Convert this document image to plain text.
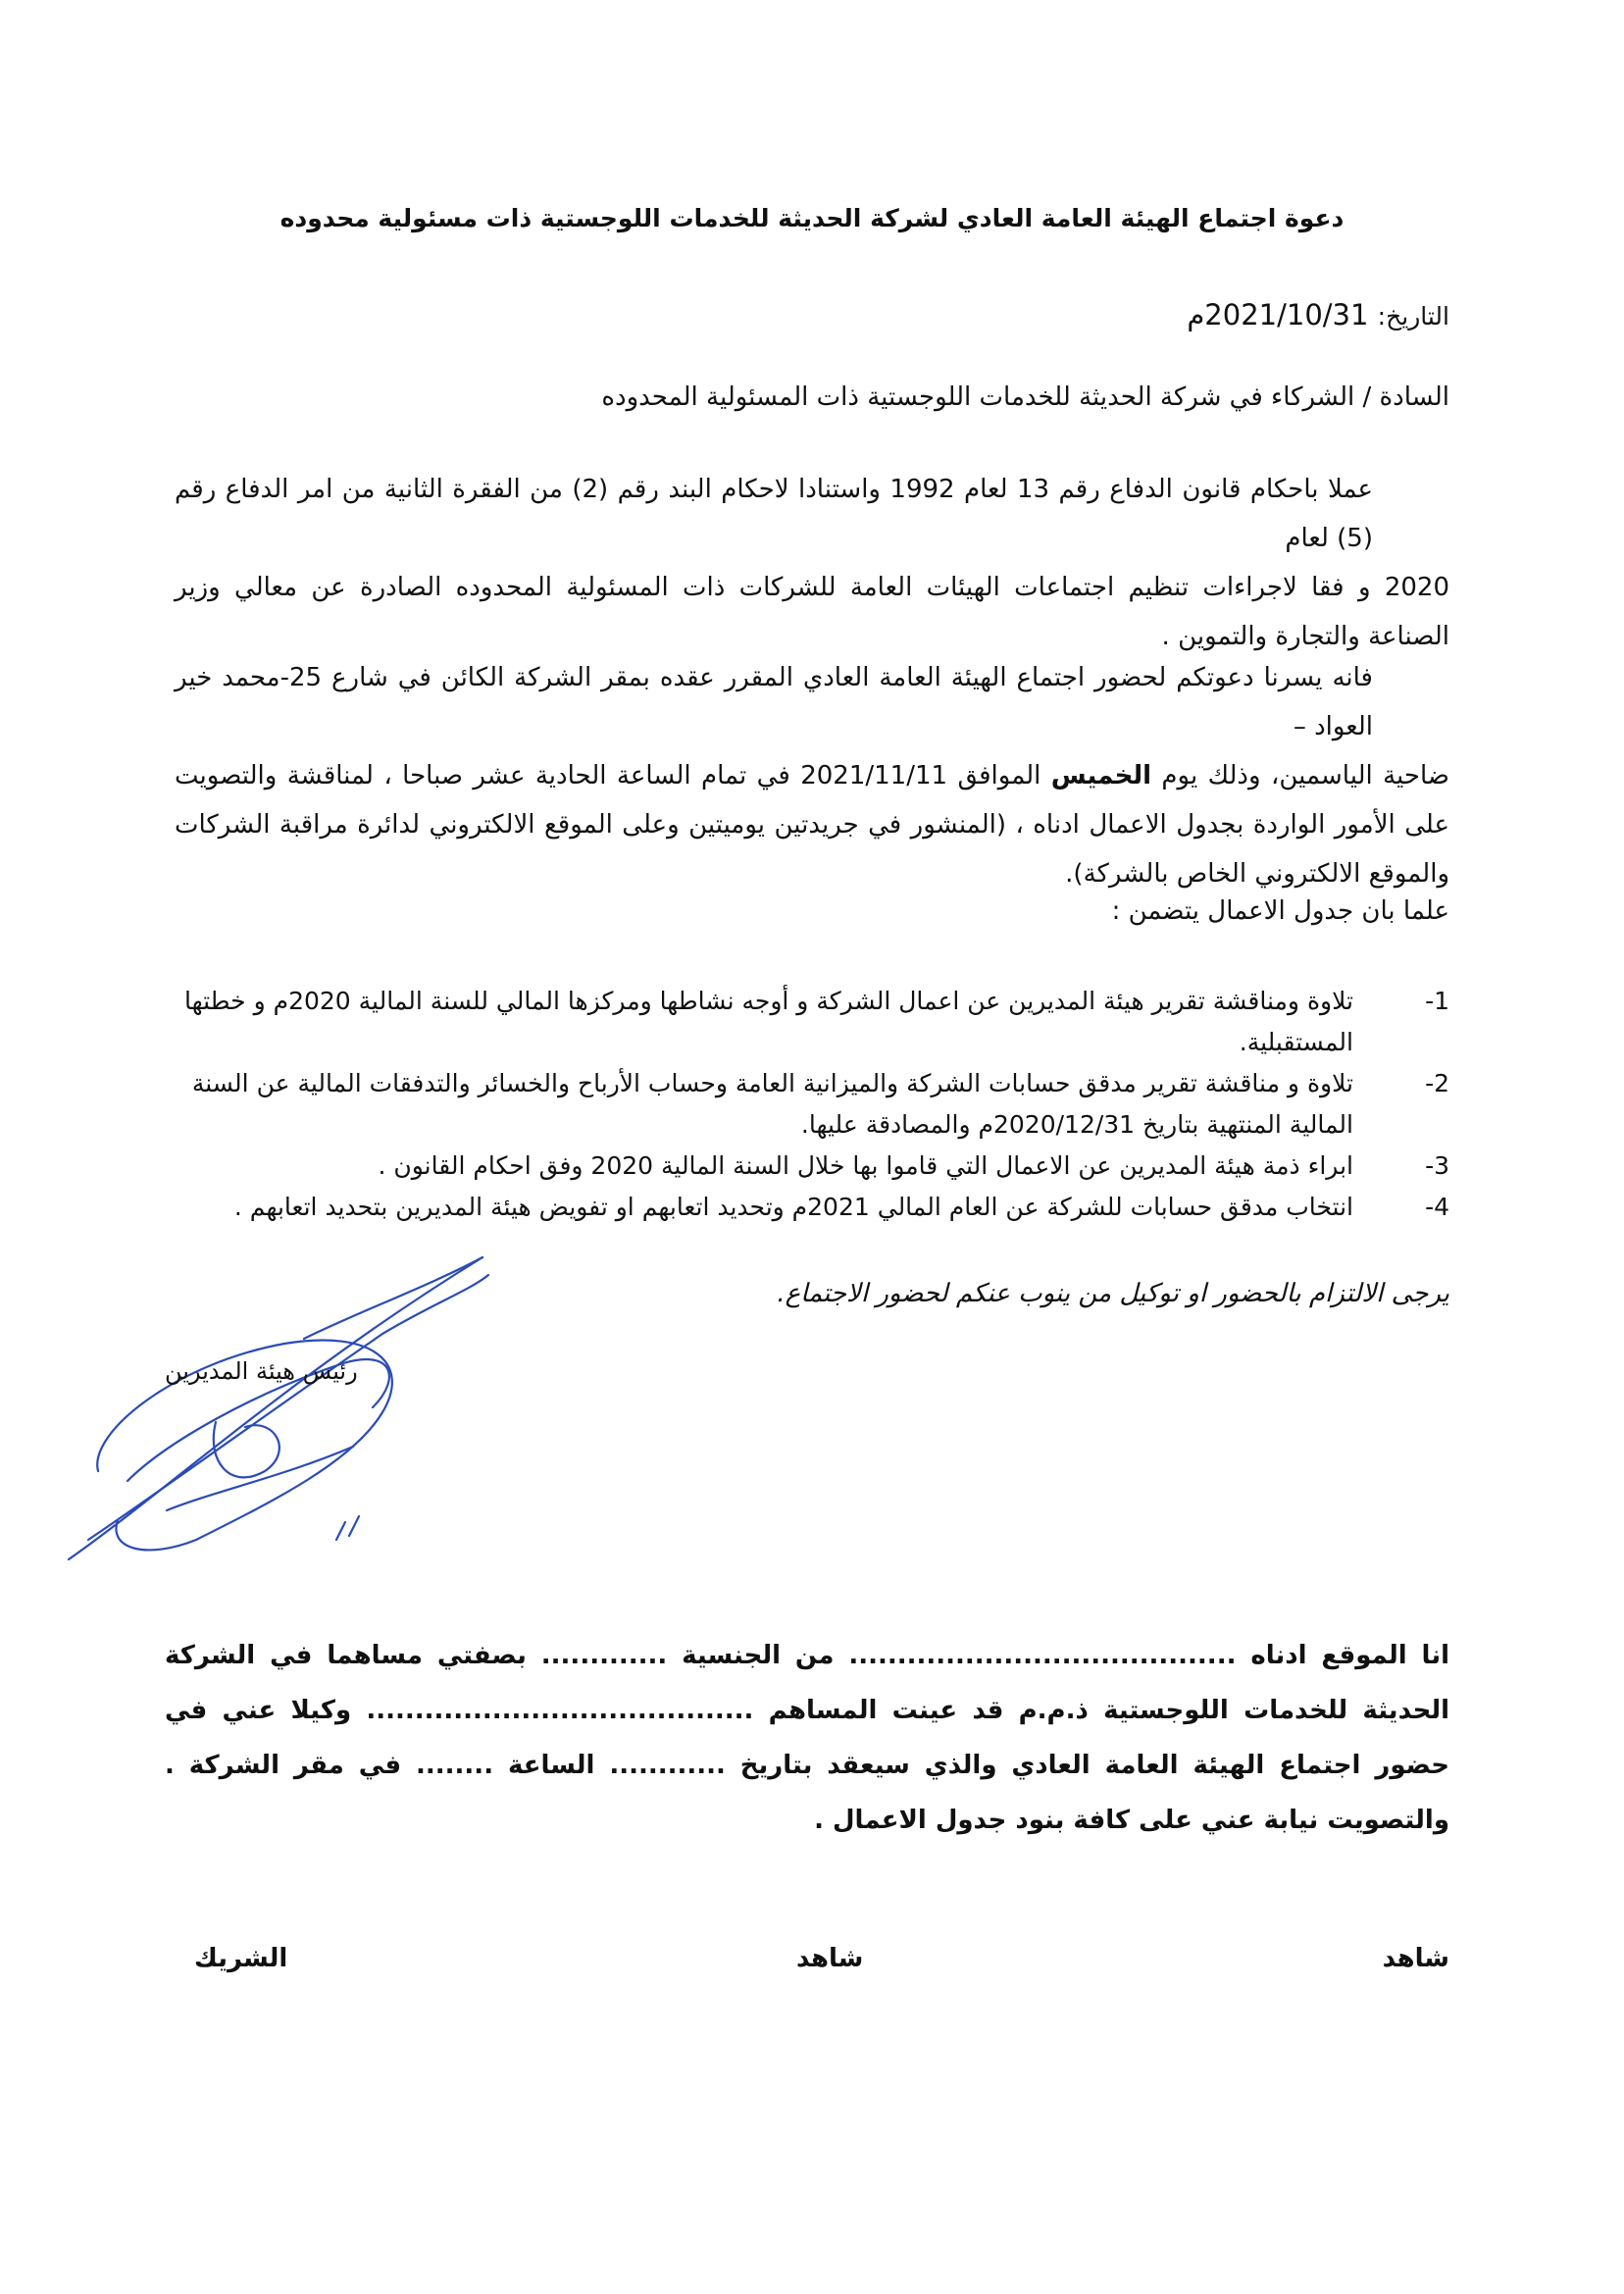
دعوة اجتماع الهيئة العامة العادي لشركة الحديثة للخدمات اللوجستية ذات مسئولية محدوده
التاريخ: 2021/10/31م
السادة / الشركاء في شركة الحديثة للخدمات اللوجستية ذات المسئولية المحدوده
عملا باحكام قانون الدفاع رقم 13 لعام 1992 واستنادا لاحكام البند رقم (2) من الفقرة الثانية من امر الدفاع رقم (5) لعام
2020 و فقا لاجراءات تنظيم اجتماعات الهيئات العامة للشركات ذات المسئولية المحدوده الصادرة عن معالي وزير الصناعة والتجارة والتموين .
فانه يسرنا دعوتكم لحضور اجتماع الهيئة العامة العادي المقرر عقده بمقر الشركة الكائن في شارع 25-محمد خير العواد –
ضاحية الياسمين، وذلك يوم الخميس الموافق 2021/11/11 في تمام الساعة الحادية عشر صباحا ، لمناقشة والتصويت على الأمور الواردة بجدول الاعمال ادناه ، (المنشور في جريدتين يوميتين وعلى الموقع الالكتروني لدائرة مراقبة الشركات والموقع الالكتروني الخاص بالشركة).
علما بان جدول الاعمال يتضمن :
1-
تلاوة ومناقشة تقرير هيئة المديرين عن اعمال الشركة و أوجه نشاطها ومركزها المالي للسنة المالية 2020م و خطتها المستقبلية.
2-
تلاوة و مناقشة تقرير مدقق حسابات الشركة والميزانية العامة وحساب الأرباح والخسائر والتدفقات المالية عن السنة المالية المنتهية بتاريخ 2020/12/31م والمصادقة عليها.
3-
ابراء ذمة هيئة المديرين عن الاعمال التي قاموا بها خلال السنة المالية 2020 وفق احكام القانون .
4-
انتخاب مدقق حسابات للشركة عن العام المالي 2021م وتحديد اتعابهم او تفويض هيئة المديرين بتحديد اتعابهم .
يرجى الالتزام بالحضور او توكيل من ينوب عنكم لحضور الاجتماع.
رئيس هيئة المديرين
انا الموقع ادناه ........................................ من الجنسية ............. بصفتي مساهما في الشركة الحديثة للخدمات اللوجستية ذ.م.م قد عينت المساهم ........................................ وكيلا عني في حضور اجتماع الهيئة العامة العادي والذي سيعقد بتاريخ ............ الساعة ........ في مقر الشركة . والتصويت نيابة عني على كافة بنود جدول الاعمال .
شاهد
شاهد
الشريك
